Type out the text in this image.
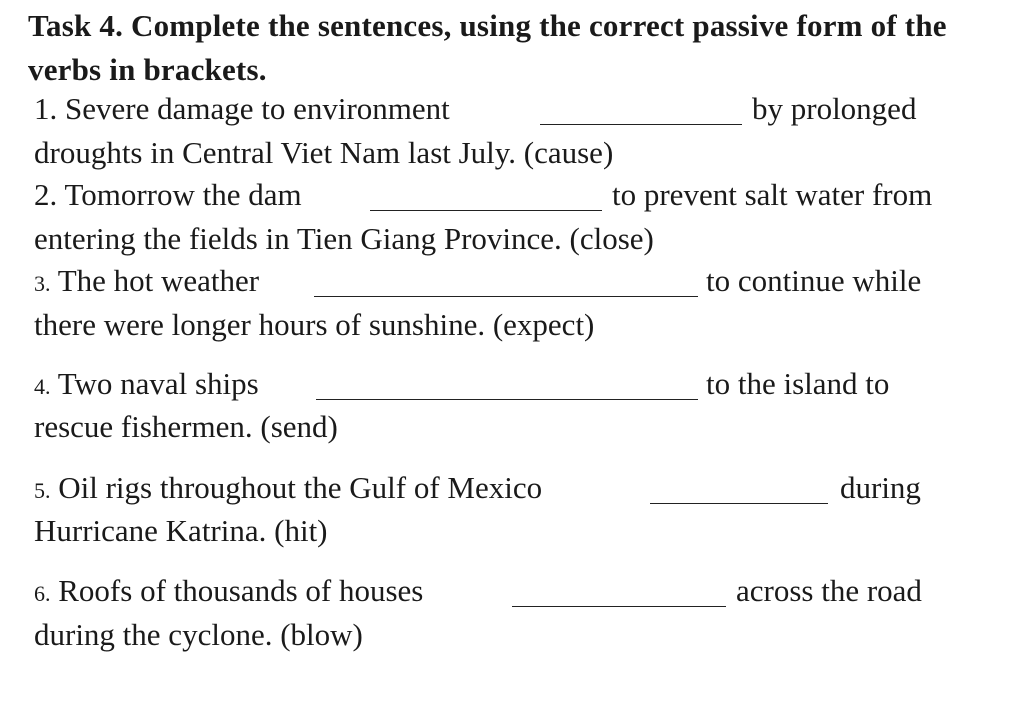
Task 4. Complete the sentences, using the correct passive form of the verbs in brackets.
1. Severe damage to environment	by prolonged
droughts in Central Viet Nam last July. (cause)
2. Tomorrow the dam	to prevent salt water from
entering the fields in Tien Giang Province. (close)
3. The hot weather	to continue while
there were longer hours of sunshine. (expect)
4. Two naval ships	to the island to
rescue fishermen. (send)
5. Oil rigs throughout the Gulf of Mexico	during
Hurricane Katrina. (hit)
6. Roofs of thousands of houses	across the road
during the cyclone. (blow)
